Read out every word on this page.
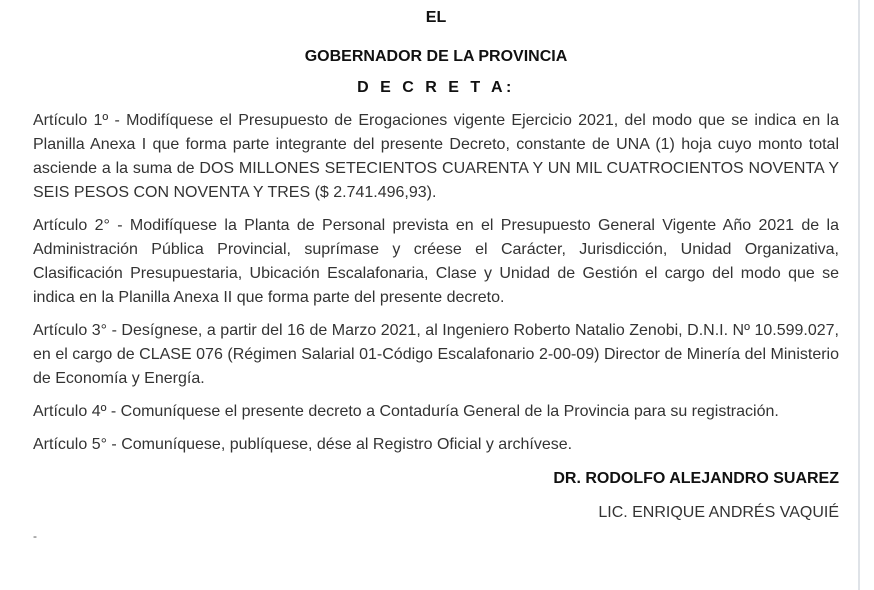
EL

GOBERNADOR DE LA PROVINCIA

D E C R E T A:

Artículo 1º - Modifíquese el Presupuesto de Erogaciones vigente Ejercicio 2021, del modo que se indica en la Planilla Anexa I que forma parte integrante del presente Decreto, constante de UNA (1) hoja cuyo monto total asciende a la suma de DOS MILLONES SETECIENTOS CUARENTA Y UN MIL CUATROCIENTOS NOVENTA Y SEIS PESOS CON NOVENTA Y TRES ($ 2.741.496,93).

Artículo 2° - Modifíquese la Planta de Personal prevista en el Presupuesto General Vigente Año 2021 de la Administración Pública Provincial, suprímase y créese el Carácter, Jurisdicción, Unidad Organizativa, Clasificación Presupuestaria, Ubicación Escalafonaria, Clase y Unidad de Gestión el cargo del modo que se indica en la Planilla Anexa II que forma parte del presente decreto.

Artículo 3° - Desígnese, a partir del 16 de Marzo 2021, al Ingeniero Roberto Natalio Zenobi, D.N.I. Nº 10.599.027, en el cargo de CLASE 076 (Régimen Salarial 01-Código Escalafonario 2-00-09) Director de Minería del Ministerio de Economía y Energía.

Artículo 4º - Comuníquese el presente decreto a Contaduría General de la Provincia para su registración.

Artículo 5° - Comuníquese, publíquese, dése al Registro Oficial y archívese.

DR. RODOLFO ALEJANDRO SUAREZ

LIC. ENRIQUE ANDRÉS VAQUIÉ

-
